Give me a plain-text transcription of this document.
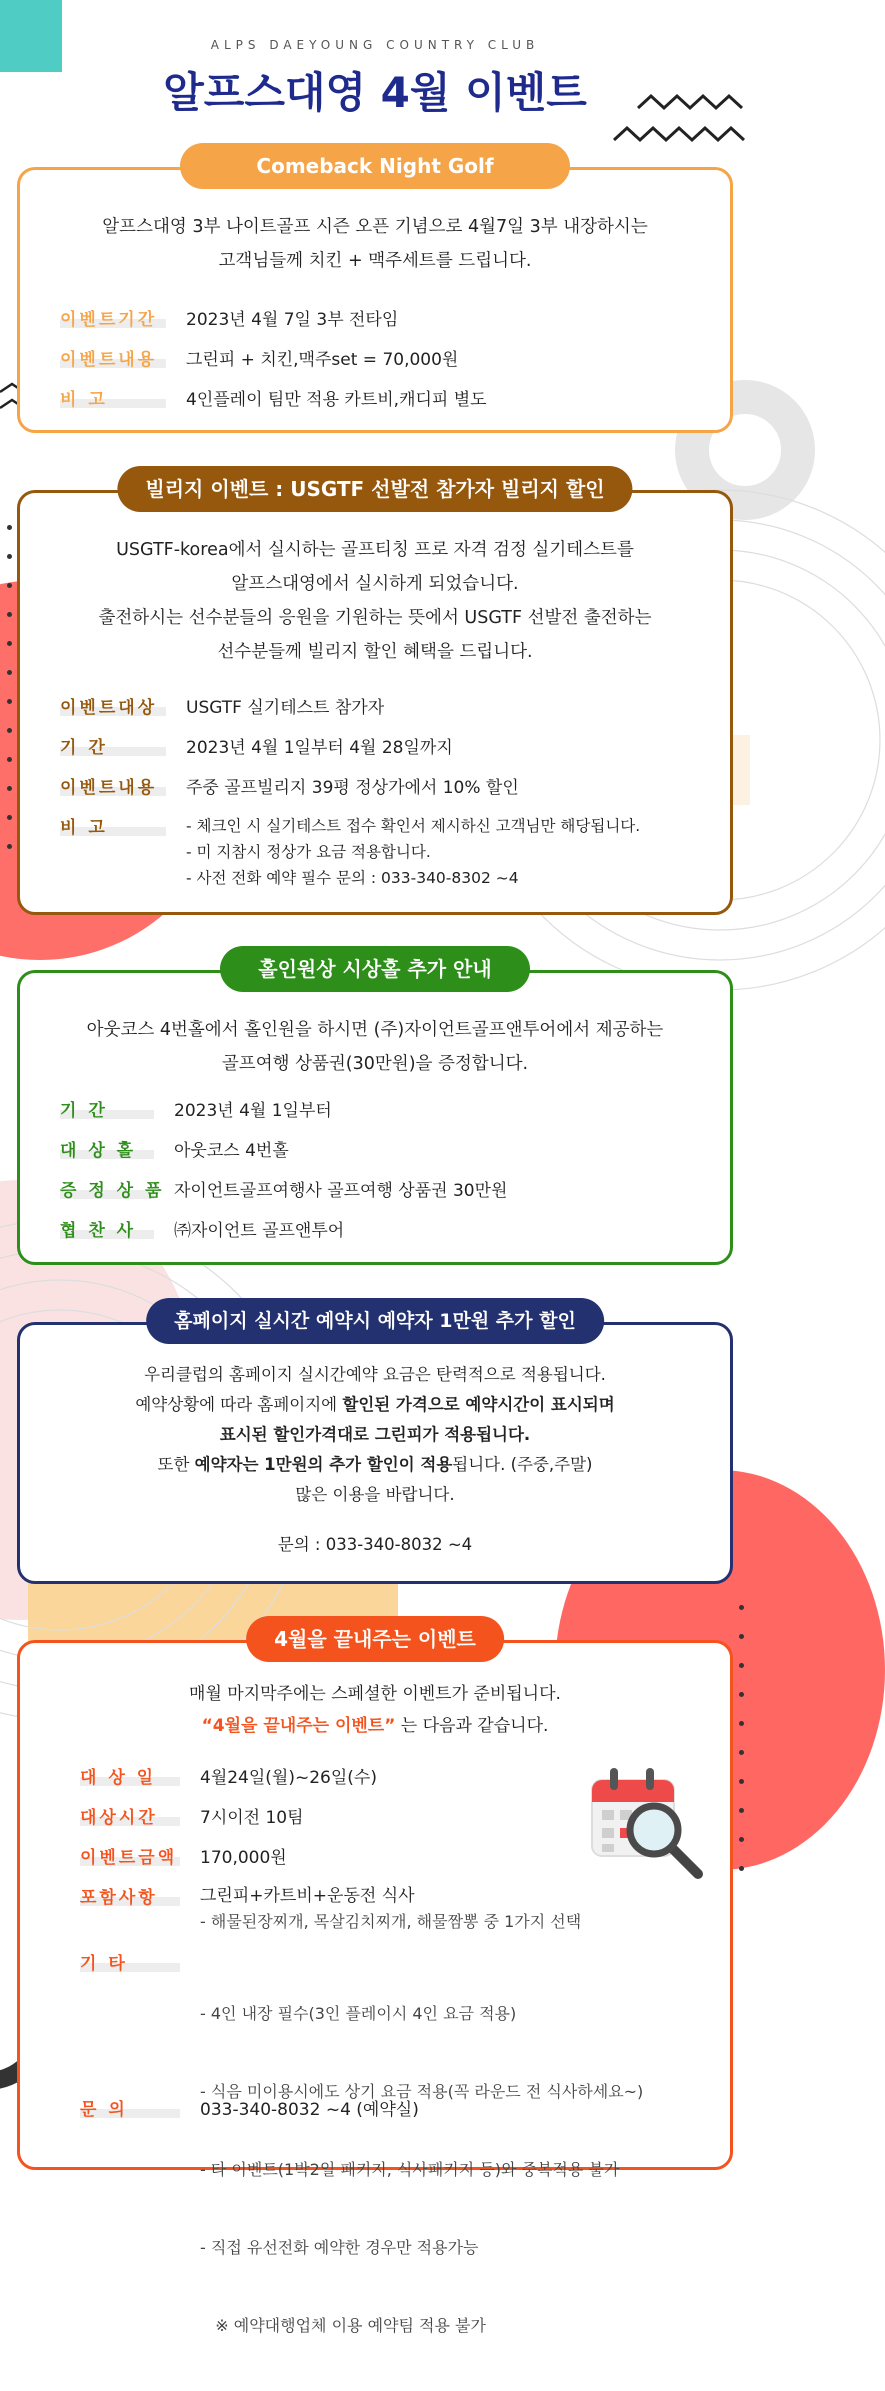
ALPS DAEYOUNG COUNTRY CLUB
알프스대영 4월 이벤트
알프스대영 3부 나이트골프 시즌 오픈 기념으로 4월7일 3부 내장하시는
고객님들께 치킨 + 맥주세트를 드립니다.
이벤트기간	2023년 4월 7일 3부 전타임
이벤트내용	그린피 + 치킨,맥주set = 70,000원
비 고	4인플레이 팀만 적용 카트비,캐디피 별도
Comeback Night Golf
USGTF-korea에서 실시하는 골프티칭 프로 자격 검정 실기테스트를
알프스대영에서 실시하게 되었습니다.
출전하시는 선수분들의 응원을 기원하는 뜻에서 USGTF 선발전 출전하는
선수분들께 빌리지 할인 혜택을 드립니다.
이벤트대상	USGTF 실기테스트 참가자
기 간	2023년 4월 1일부터 4월 28일까지
이벤트내용	주중 골프빌리지 39평 정상가에서 10% 할인
비 고	- 체크인 시 실기테스트 접수 확인서 제시하신 고객님만 해당됩니다.
- 미 지참시 정상가 요금 적용합니다.
- 사전 전화 예약 필수 문의 : 033-340-8302 ~4
빌리지 이벤트 : USGTF 선발전 참가자 빌리지 할인
아웃코스 4번홀에서 홀인원을 하시면 (주)자이언트골프앤투어에서 제공하는
골프여행 상품권(30만원)을 증정합니다.
기 간	2023년 4월 1일부터
대 상 홀	아웃코스 4번홀
증 정 상 품 자이언트골프여행사 골프여행 상품권 30만원
협 찬 사	㈜자이언트 골프앤투어
홀인원상 시상홀 추가 안내
우리클럽의 홈페이지 실시간예약 요금은 탄력적으로 적용됩니다.
예약상황에 따라 홈페이지에 할인된 가격으로 예약시간이 표시되며
표시된 할인가격대로 그린피가 적용됩니다.
또한 예약자는 1만원의 추가 할인이 적용됩니다. (주중,주말)
많은 이용을 바랍니다.
문의 : 033-340-8032 ~4
홈페이지 실시간 예약시 예약자 1만원 추가 할인
매월 마지막주에는 스페셜한 이벤트가 준비됩니다.
“4월을 끝내주는 이벤트” 는 다음과 같습니다.
대 상 일	4월24일(월)~26일(수)
대상시간	7시이전 10팀
이벤트금액 170,000원
포함사항	그린피+카트비+운동전 식사
- 해물된장찌개, 목살김치찌개, 해물짬뽕 중 1가지 선택
기 타

- 4인 내장 필수(3인 플레이시 4인 요금 적용)

- 식음 미이용시에도 상기 요금 적용(꼭 라운드 전 식사하세요~)

- 타 이벤트(1박2일 패키지, 식사패키지 등)와 중복적용 불가

- 직접 유선전화 예약한 경우만 적용가능

※ 예약대행업체 이용 예약팀 적용 불가

문 의	033-340-8032 ~4 (예약실)
4월을 끝내주는 이벤트
